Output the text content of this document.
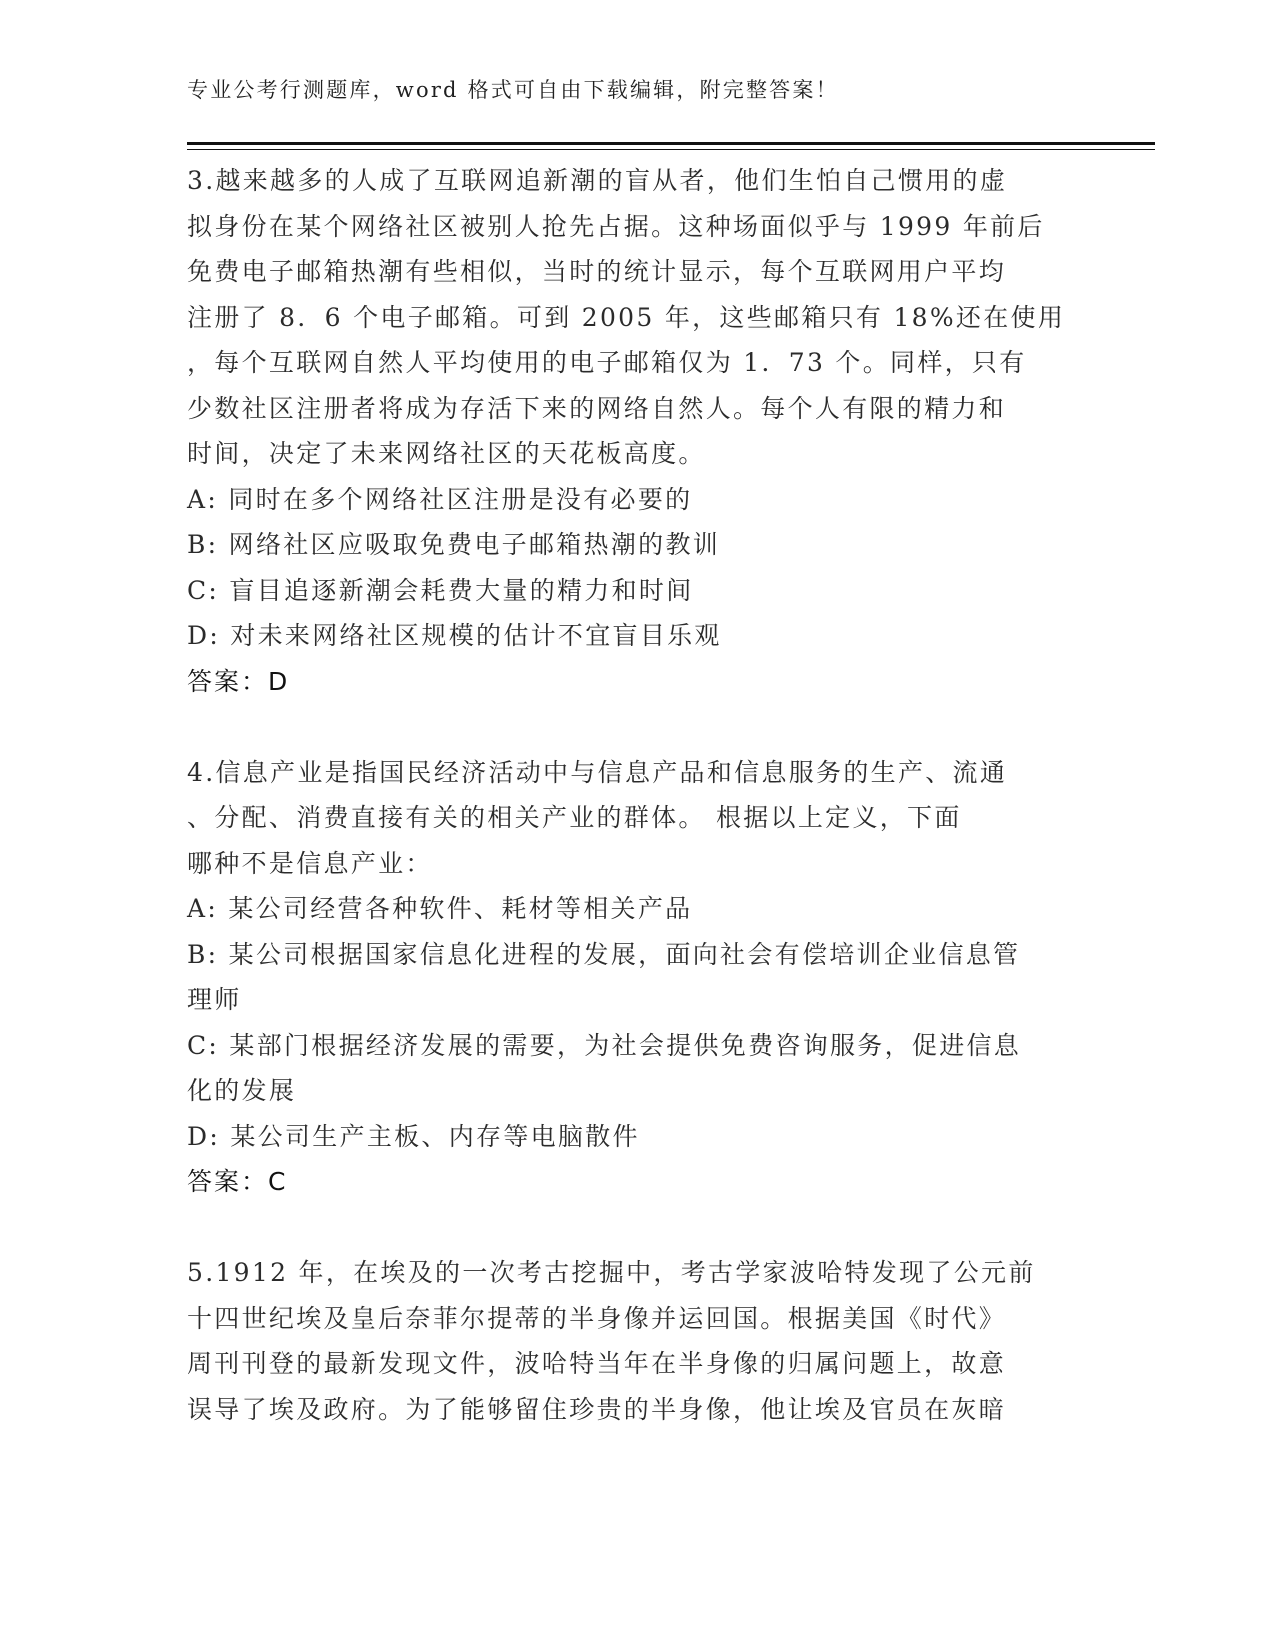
专业公考行测题库，word 格式可自由下载编辑，附完整答案！
3.越来越多的人成了互联网追新潮的盲从者，他们生怕自己惯用的虚
拟身份在某个网络社区被别人抢先占据。这种场面似乎与 1999 年前后
免费电子邮箱热潮有些相似，当时的统计显示，每个互联网用户平均
注册了 8．6 个电子邮箱。可到 2005 年，这些邮箱只有 18%还在使用
，每个互联网自然人平均使用的电子邮箱仅为 1．73 个。同样，只有
少数社区注册者将成为存活下来的网络自然人。每个人有限的精力和
时间，决定了未来网络社区的天花板高度。
A: 同时在多个网络社区注册是没有必要的
B: 网络社区应吸取免费电子邮箱热潮的教训
C: 盲目追逐新潮会耗费大量的精力和时间
D: 对未来网络社区规模的估计不宜盲目乐观
答案：D
4.信息产业是指国民经济活动中与信息产品和信息服务的生产、流通
、分配、消费直接有关的相关产业的群体。 根据以上定义，下面
哪种不是信息产业：
A: 某公司经营各种软件、耗材等相关产品
B: 某公司根据国家信息化进程的发展，面向社会有偿培训企业信息管
理师
C: 某部门根据经济发展的需要，为社会提供免费咨询服务，促进信息
化的发展
D: 某公司生产主板、内存等电脑散件
答案：C
5.1912 年，在埃及的一次考古挖掘中，考古学家波哈特发现了公元前
十四世纪埃及皇后奈菲尔提蒂的半身像并运回国。根据美国《时代》
周刊刊登的最新发现文件，波哈特当年在半身像的归属问题上，故意
误导了埃及政府。为了能够留住珍贵的半身像，他让埃及官员在灰暗
